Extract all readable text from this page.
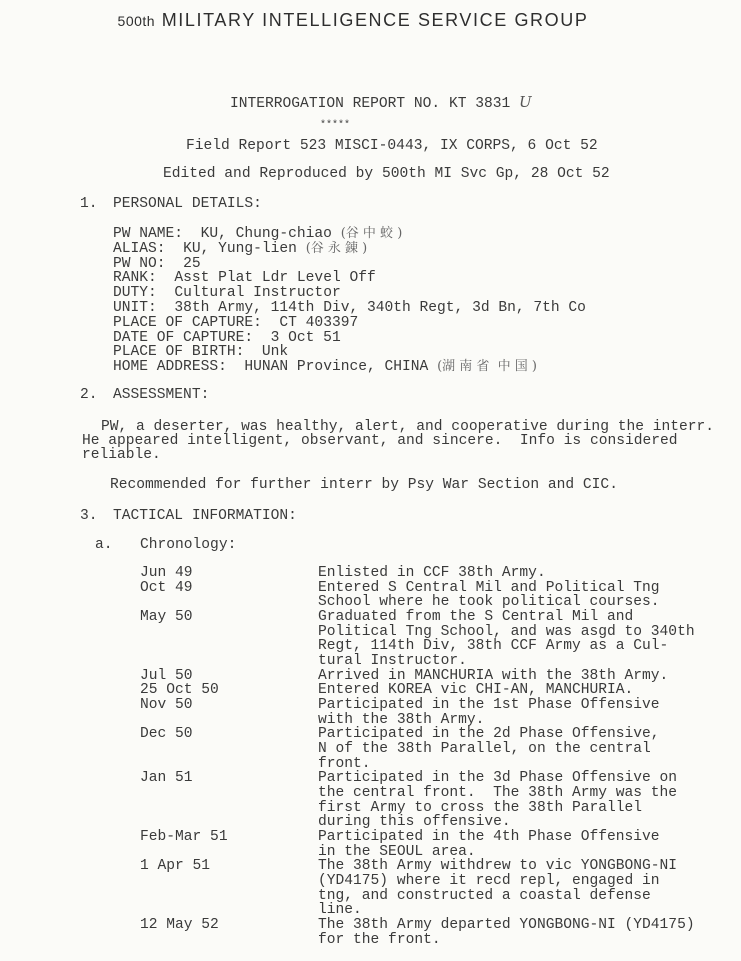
500th MILITARY INTELLIGENCE SERVICE GROUP
INTERROGATION REPORT NO. KT 3831 U
*****
Field Report 523 MISCI-0443, IX CORPS, 6 Oct 52
Edited and Reproduced by 500th MI Svc Gp, 28 Oct 52
1. PERSONAL DETAILS:
PW NAME: KU, Chung-chiao (谷 中 蛟 )
ALIAS: KU, Yung-lien (谷 永 錬 )
PW NO: 25
RANK: Asst Plat Ldr Level Off
DUTY: Cultural Instructor
UNIT: 38th Army, 114th Div, 340th Regt, 3d Bn, 7th Co
PLACE OF CAPTURE: CT 403397
DATE OF CAPTURE: 3 Oct 51
PLACE OF BIRTH: Unk
HOME ADDRESS: HUNAN Province, CHINA (湖 南 省  中 国 )
2. ASSESSMENT:
PW, a deserter, was healthy, alert, and cooperative during the interr.
He appeared intelligent, observant, and sincere.  Info is considered
reliable.
Recommended for further interr by Psy War Section and CIC.
3. TACTICAL INFORMATION:
a. Chronology:
Jun 49	Enlisted in CCF 38th Army.
Oct 49	Entered S Central Mil and Political Tng
School where he took political courses.
May 50	Graduated from the S Central Mil and
Political Tng School, and was asgd to 340th
Regt, 114th Div, 38th CCF Army as a Cul-
tural Instructor.
Jul 50	Arrived in MANCHURIA with the 38th Army.
25 Oct 50	Entered KOREA vic CHI-AN, MANCHURIA.
Nov 50	Participated in the 1st Phase Offensive
with the 38th Army.
Dec 50	Participated in the 2d Phase Offensive,
N of the 38th Parallel, on the central
front.
Jan 51	Participated in the 3d Phase Offensive on
the central front.  The 38th Army was the
first Army to cross the 38th Parallel
during this offensive.
Feb-Mar 51	Participated in the 4th Phase Offensive
in the SEOUL area.
1 Apr 51	The 38th Army withdrew to vic YONGBONG-NI
(YD4175) where it recd repl, engaged in
tng, and constructed a coastal defense
line.
12 May 52	The 38th Army departed YONGBONG-NI (YD4175)
for the front.
